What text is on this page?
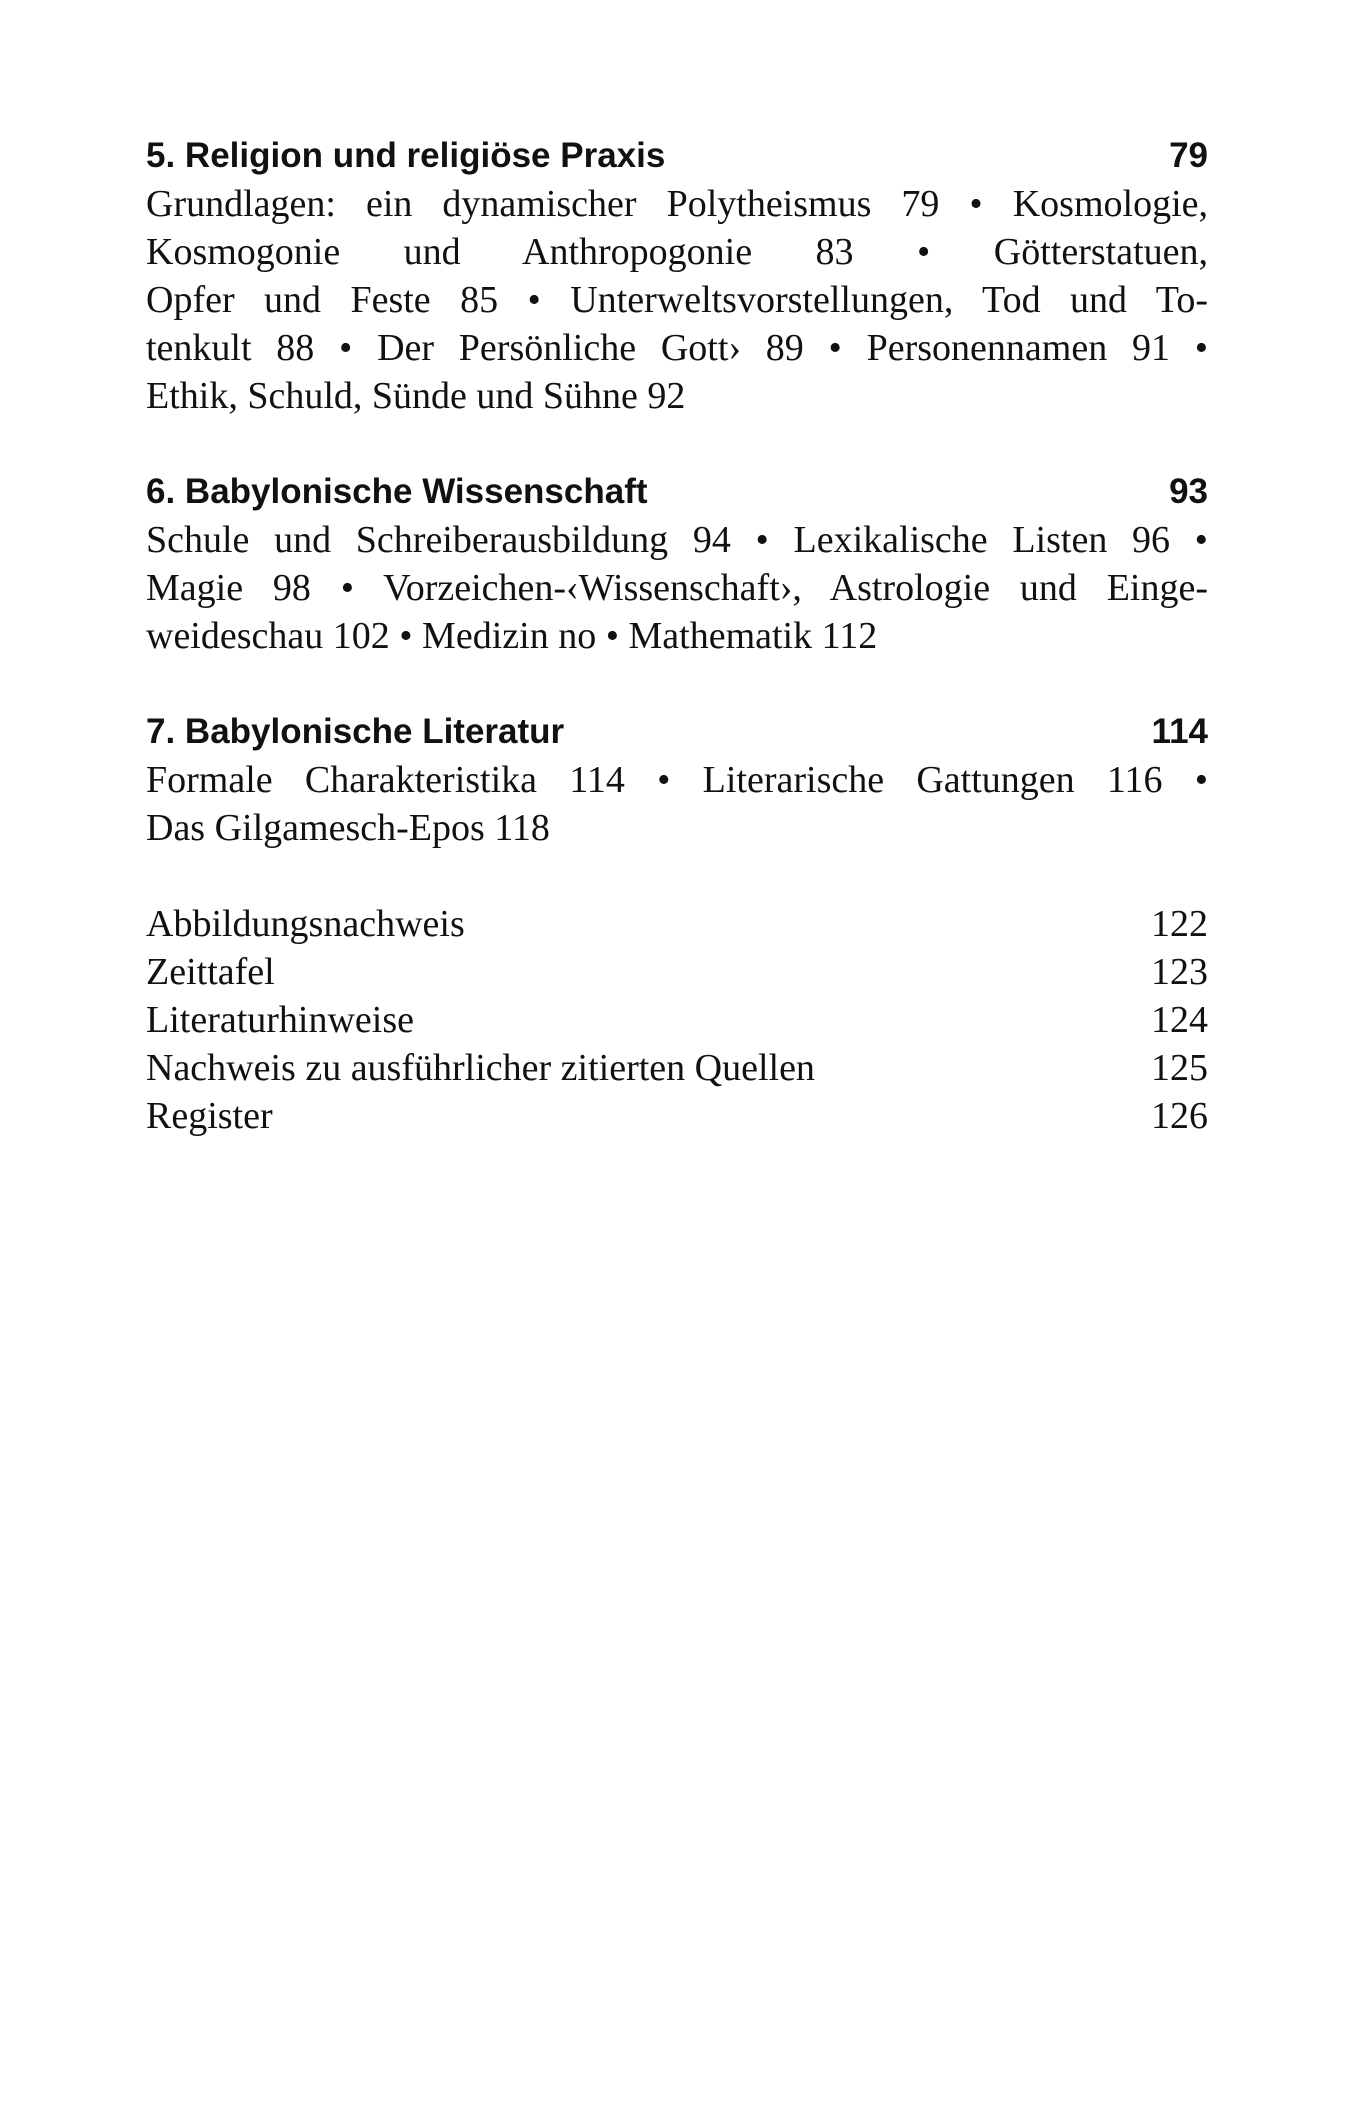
5. Religion und religiöse Praxis	79
Grundlagen: ein dynamischer Polytheismus 79 • Kosmologie,
Kosmogonie und Anthropogonie 83 • Götterstatuen,
Opfer und Feste 85 • Unterweltsvorstellungen, Tod und To-
tenkult 88 • Der Persönliche Gott› 89 • Personennamen 91 •
Ethik, Schuld, Sünde und Sühne 92
6. Babylonische Wissenschaft	93
Schule und Schreiberausbildung 94 • Lexikalische Listen 96 •
Magie 98 • Vorzeichen-‹Wissenschaft›, Astrologie und Einge-
weideschau 102 • Medizin no • Mathematik 112
7. Babylonische Literatur	114
Formale Charakteristika 114 • Literarische Gattungen 116 •
Das Gilgamesch-Epos 118
Abbildungsnachweis	122
Zeittafel	123
Literaturhinweise	124
Nachweis zu ausführlicher zitierten Quellen	125
Register	126
